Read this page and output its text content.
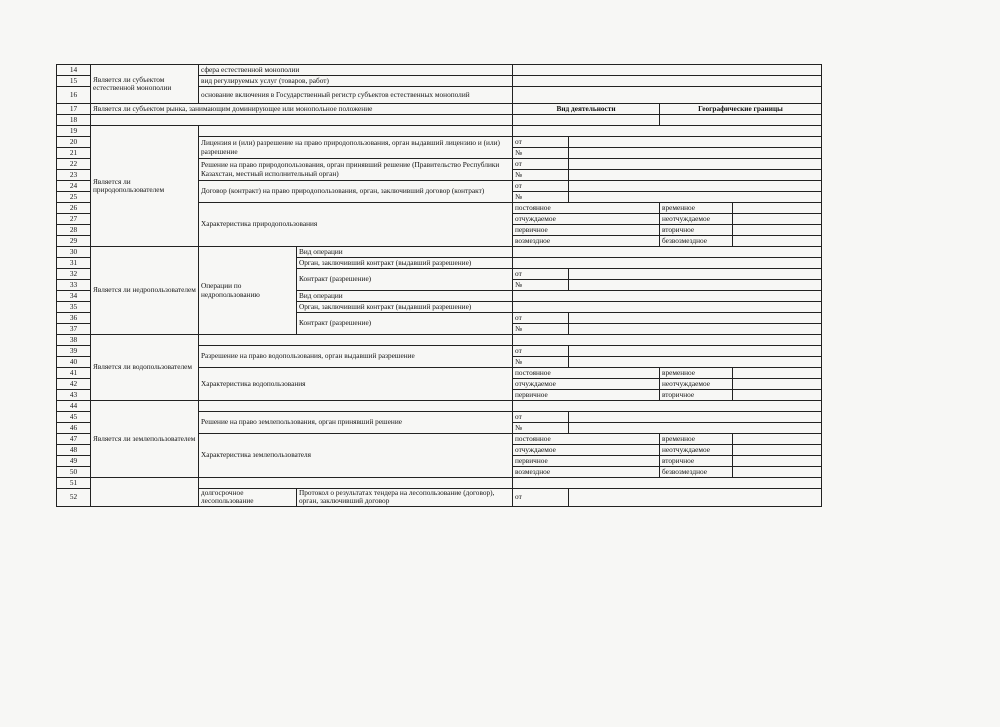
14	Является ли субъектом естественной монополии	сфера естественной монополии					
15		вид регулируемых услуг (товаров, работ)					
16		основание включения в Государственный регистр субъектов естественных монополий					
17	Является ли субъектом рынка, занимающим доминирующее или монопольное положение			Вид деятельности		Географические границы	
18							
19	Является ли природопользователем						
20		Лицензия и (или) разрешение на право природопользования, орган выдавший лицензию и (или) разрешение		от			
21				№			
22		Решение на право природопользования, орган принявший решение (Правительство Республики Казахстан, местный исполнительный орган)		от			
23				№			
24		Договор (контракт) на право природопользования, орган, заключивший договор (контракт)		от			
25				№			
26		Характеристика природопользования		постоянное		временное	
27				отчуждаемое		неотчуждаемое	
28				первичное		вторичное	
29				возмездное		безвозмездное	
30	Является ли недропользователем	Операции по недропользованию	Вид операции				
31			Орган, заключивший контракт (выдавший разрешение)				
32			Контракт (разрешение)	от			
33				№			
34			Вид операции				
35			Орган, заключивший контракт (выдавший разрешение)				
36			Контракт (разрешение)	от			
37				№			
38	Является ли водопользователем						
39		Разрешение на право водопользования, орган выдавший разрешение		от			
40				№			
41		Характеристика водопользования		постоянное		временное	
42				отчуждаемое		неотчуждаемое	
43				первичное		вторичное	
44	Является ли землепользователем						
45		Решение на право землепользования, орган принявший решение		от			
46				№			
47		Характеристика землепользователя		постоянное		временное	
48				отчуждаемое		неотчуждаемое	
49				первичное		вторичное	
50				возмездное		безвозмездное	
51							
52		долгосрочное лесопользование	Протокол о результатах тендера на лесопользование (договор), орган, заключивший договор	от			
